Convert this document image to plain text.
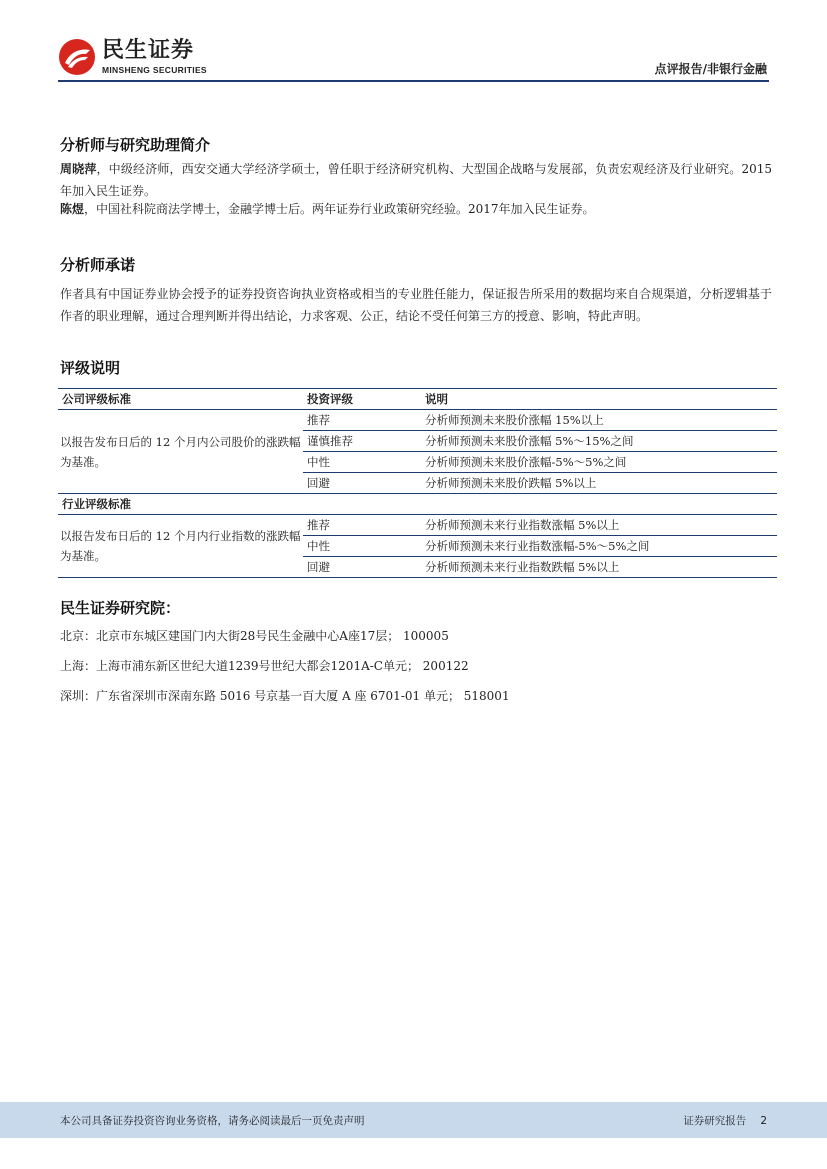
民生证券
MINSHENG SECURITIES	点评报告/非银行金融
分析师与研究助理简介
周晓萍，中级经济师，西安交通大学经济学硕士，曾任职于经济研究机构、大型国企战略与发展部，负责宏观经济及行业研究。2015年加入民生证券。
陈煜，中国社科院商法学博士，金融学博士后。两年证券行业政策研究经验。2017年加入民生证券。
分析师承诺
作者具有中国证券业协会授予的证券投资咨询执业资格或相当的专业胜任能力，保证报告所采用的数据均来自合规渠道，分析逻辑基于作者的职业理解，通过合理判断并得出结论，力求客观、公正，结论不受任何第三方的授意、影响，特此声明。
评级说明
公司评级标准	投资评级	说明
以报告发布日后的 12 个月内公司股价的涨跌幅为基准。	推荐	分析师预测未来股价涨幅 15%以上
	谨慎推荐	分析师预测未来股价涨幅 5%～15%之间
	中性	分析师预测未来股价涨幅-5%～5%之间
	回避	分析师预测未来股价跌幅 5%以上
行业评级标准		
以报告发布日后的 12 个月内行业指数的涨跌幅为基准。	推荐	分析师预测未来行业指数涨幅 5%以上
	中性	分析师预测未来行业指数涨幅-5%～5%之间
	回避	分析师预测未来行业指数跌幅 5%以上
民生证券研究院：
北京：北京市东城区建国门内大街28号民生金融中心A座17层； 100005
上海：上海市浦东新区世纪大道1239号世纪大都会1201A-C单元； 200122
深圳：广东省深圳市深南东路 5016 号京基一百大厦 A 座 6701-01 单元； 518001
本公司具备证券投资咨询业务资格，请务必阅读最后一页免责声明	证券研究报告 2
